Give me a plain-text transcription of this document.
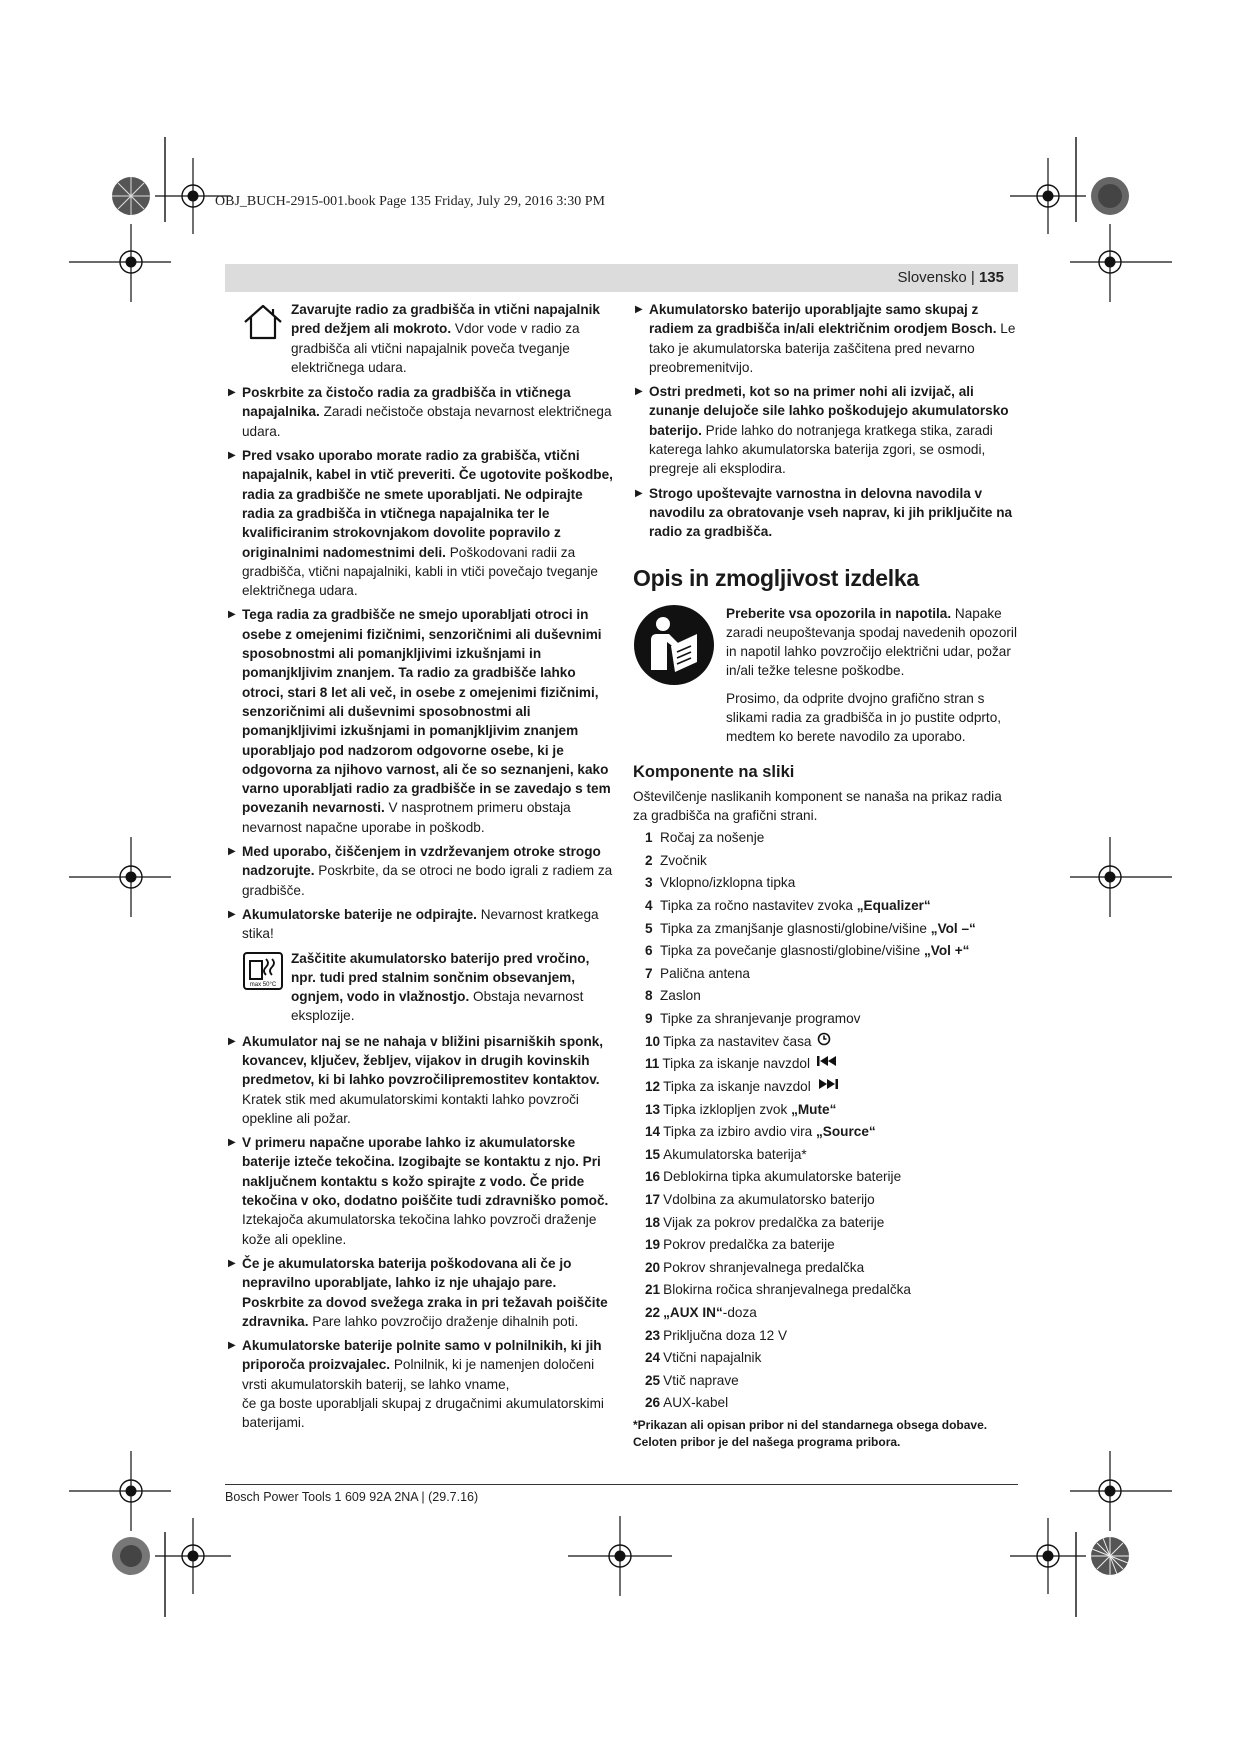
OBJ_BUCH-2915-001.book Page 135 Friday, July 29, 2016 3:30 PM
Slovensko | 135

Zavarujte radio za gradbišča in vtični napajalnik pred dežjem ali mokroto. Vdor vode v radio za gradbišča ali vtični napajalnik poveča tveganje električnega udara.

▶ Poskrbite za čistočo radia za gradbišča in vtičnega napajalnika. Zaradi nečistoče obstaja nevarnost električnega udara.
▶ Pred vsako uporabo morate radio za grabišča, vtični napajalnik, kabel in vtič preveriti. Če ugotovite poškodbe, radia za gradbišče ne smete uporabljati. Ne odpirajte radia za gradbišča in vtičnega napajalnika ter le kvalificiranim strokovnjakom dovolite popravilo z originalnimi nadomestnimi deli. Poškodovani radii za gradbišča, vtični napajalniki, kabli in vtiči povečajo tveganje električnega udara.
▶ Tega radia za gradbišče ne smejo uporabljati otroci in osebe z omejenimi fizičnimi, senzoričnimi ali duševnimi sposobnostmi ali pomanjkljivimi izkušnjami in pomanjkljivim znanjem. Ta radio za gradbišče lahko otroci, stari 8 let ali več, in osebe z omejenimi fizičnimi, senzoričnimi ali duševnimi sposobnostmi ali pomanjkljivimi izkušnjami in pomanjkljivim znanjem uporabljajo pod nadzorom odgovorne osebe, ki je odgovorna za njihovo varnost, ali če so seznanjeni, kako varno uporabljati radio za gradbišče in se zavedajo s tem povezanih nevarnosti. V nasprotnem primeru obstaja nevarnost napačne uporabe in poškodb.
▶ Med uporabo, čiščenjem in vzdrževanjem otroke strogo nadzorujte. Poskrbite, da se otroci ne bodo igrali z radiem za gradbišče.
▶ Akumulatorske baterije ne odpirajte. Nevarnost kratkega stika!
max 50°C

Zaščitite akumulatorsko baterijo pred vročino, npr. tudi pred stalnim sončnim obsevanjem, ognjem, vodo in vlažnostjo. Obstaja nevarnost eksplozije.

▶ Akumulator naj se ne nahaja v bližini pisarniških sponk, kovancev, ključev, žebljev, vijakov in drugih kovinskih predmetov, ki bi lahko povzročilipremostitev kontaktov. Kratek stik med akumulatorskimi kontakti lahko povzroči opekline ali požar.
▶ V primeru napačne uporabe lahko iz akumulatorske baterije izteče tekočina. Izogibajte se kontaktu z njo. Pri naključnem kontaktu s kožo spirajte z vodo. Če pride tekočina v oko, dodatno poiščite tudi zdravniško pomoč. Iztekajoča akumulatorska tekočina lahko povzroči draženje kože ali opekline.
▶ Če je akumulatorska baterija poškodovana ali če jo nepravilno uporabljate, lahko iz nje uhajajo pare. Poskrbite za dovod svežega zraka in pri težavah poiščite zdravnika. Pare lahko povzročijo draženje dihalnih poti.
▶ Akumulatorske baterije polnite samo v polnilnikih, ki jih priporoča proizvajalec. Polnilnik, ki je namenjen določeni vrsti akumulatorskih baterij, se lahko vname,
če ga boste uporabljali skupaj z drugačnimi akumulatorskimi baterijami.
▶ Akumulatorsko baterijo uporabljajte samo skupaj z radiem za gradbišča in/ali električnim orodjem Bosch. Le tako je akumulatorska baterija zaščitena pred nevarno preobremenitvijo.
▶ Ostri predmeti, kot so na primer nohi ali izvijač, ali zunanje delujoče sile lahko poškodujejo akumulatorsko baterijo. Pride lahko do notranjega kratkega stika, zaradi katerega lahko akumulatorska baterija zgori, se osmodi, pregreje ali eksplodira.
▶ Strogo upoštevajte varnostna in delovna navodila v navodilu za obratovanje vseh naprav, ki jih priključite na radio za gradbišča.
Opis in zmogljivost izdelka

Preberite vsa opozorila in napotila. Napake zaradi neupoštevanja spodaj navedenih opozoril in napotil lahko povzročijo električni udar, požar in/ali težke telesne poškodbe.

Prosimo, da odprite dvojno grafično stran s slikami radia za gradbišča in jo pustite odprto, medtem ko berete navodilo za uporabo.

Komponente na sliki

Oštevilčenje naslikanih komponent se nanaša na prikaz radia za gradbišča na grafični strani.

1 Ročaj za nošenje
2 Zvočnik
3 Vklopno/izklopna tipka
4 Tipka za ročno nastavitev zvoka „Equalizer“
5 Tipka za zmanjšanje glasnosti/globine/višine „Vol –“
6 Tipka za povečanje glasnosti/globine/višine „Vol +“
7 Palična antena
8 Zaslon
9 Tipke za shranjevanje programov
10 Tipka za nastavitev časa
11 Tipka za iskanje navzdol
12 Tipka za iskanje navzdol
13 Tipka izklopljen zvok „Mute“
14 Tipka za izbiro avdio vira „Source“
15 Akumulatorska baterija*
16 Deblokirna tipka akumulatorske baterije
17 Vdolbina za akumulatorsko baterijo
18 Vijak za pokrov predalčka za baterije
19 Pokrov predalčka za baterije
20 Pokrov shranjevalnega predalčka
21 Blokirna ročica shranjevalnega predalčka
22 „AUX IN“-doza
23 Priključna doza 12 V
24 Vtični napajalnik
25 Vtič naprave
26 AUX-kabel
*Prikazan ali opisan pribor ni del standarnega obsega dobave. Celoten pribor je del našega programa pribora.
Bosch Power Tools 1 609 92A 2NA | (29.7.16)
